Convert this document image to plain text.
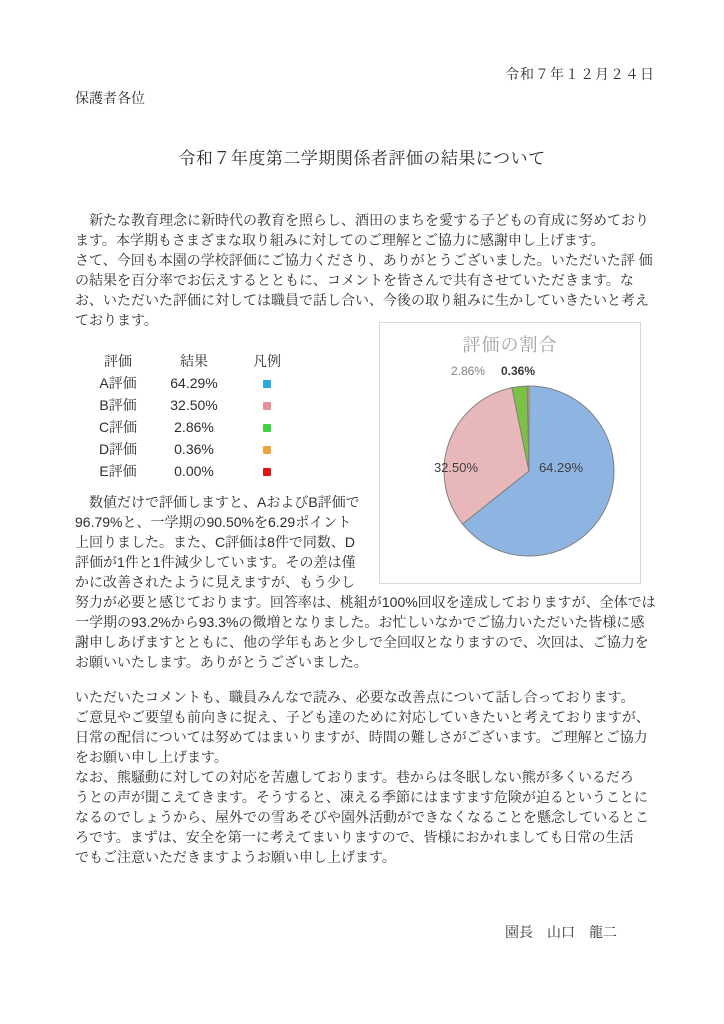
令和７年１２月２４日
保護者各位
令和７年度第二学期関係者評価の結果について
　新たな教育理念に新時代の教育を照らし、酒田のまちを愛する子どもの育成に努めており
ます。本学期もさまざまな取り組みに対してのご理解とご協力に感謝申し上げます。
さて、今回も本園の学校評価にご協力くださり、ありがとうございました。いただいた評 価
の結果を百分率でお伝えするとともに、コメントを皆さんで共有させていただきます。な
お、いただいた評価に対しては職員で話し合い、今後の取り組みに生かしていきたいと考え
ております。
評価	結果	凡例
A評価	64.29%
B評価	32.50%
C評価	2.86%
D評価	0.36%
E評価	0.00%
評価の割合
2.86%	0.36%
32.50%	64.29%
　数値だけで評価しますと、AおよびB評価で
96.79%と、一学期の90.50%を6.29ポイント
上回りました。また、C評価は8件で同数、D
評価が1件と1件減少しています。その差は僅
かに改善されたように見えますが、もう少し
努力が必要と感じております。回答率は、桃組が100%回収を達成しておりますが、全体では
一学期の93.2%から93.3%の微増となりました。お忙しいなかでご協力いただいた皆様に感
謝申しあげますとともに、他の学年もあと少しで全回収となりますので、次回は、ご協力を
お願いいたします。ありがとうございました。
いただいたコメントも、職員みんなで読み、必要な改善点について話し合っております。
ご意見やご要望も前向きに捉え、子ども達のために対応していきたいと考えておりますが、
日常の配信については努めてはまいりますが、時間の難しさがございます。ご理解とご協力
をお願い申し上げます。
なお、熊騒動に対しての対応を苦慮しております。巷からは冬眠しない熊が多くいるだろ
うとの声が聞こえてきます。そうすると、凍える季節にはますます危険が迫るということに
なるのでしょうから、屋外での雪あそびや園外活動ができなくなることを懸念しているとこ
ろです。まずは、安全を第一に考えてまいりますので、皆様におかれましても日常の生活
でもご注意いただきますようお願い申し上げます。
園長　山口　龍二
